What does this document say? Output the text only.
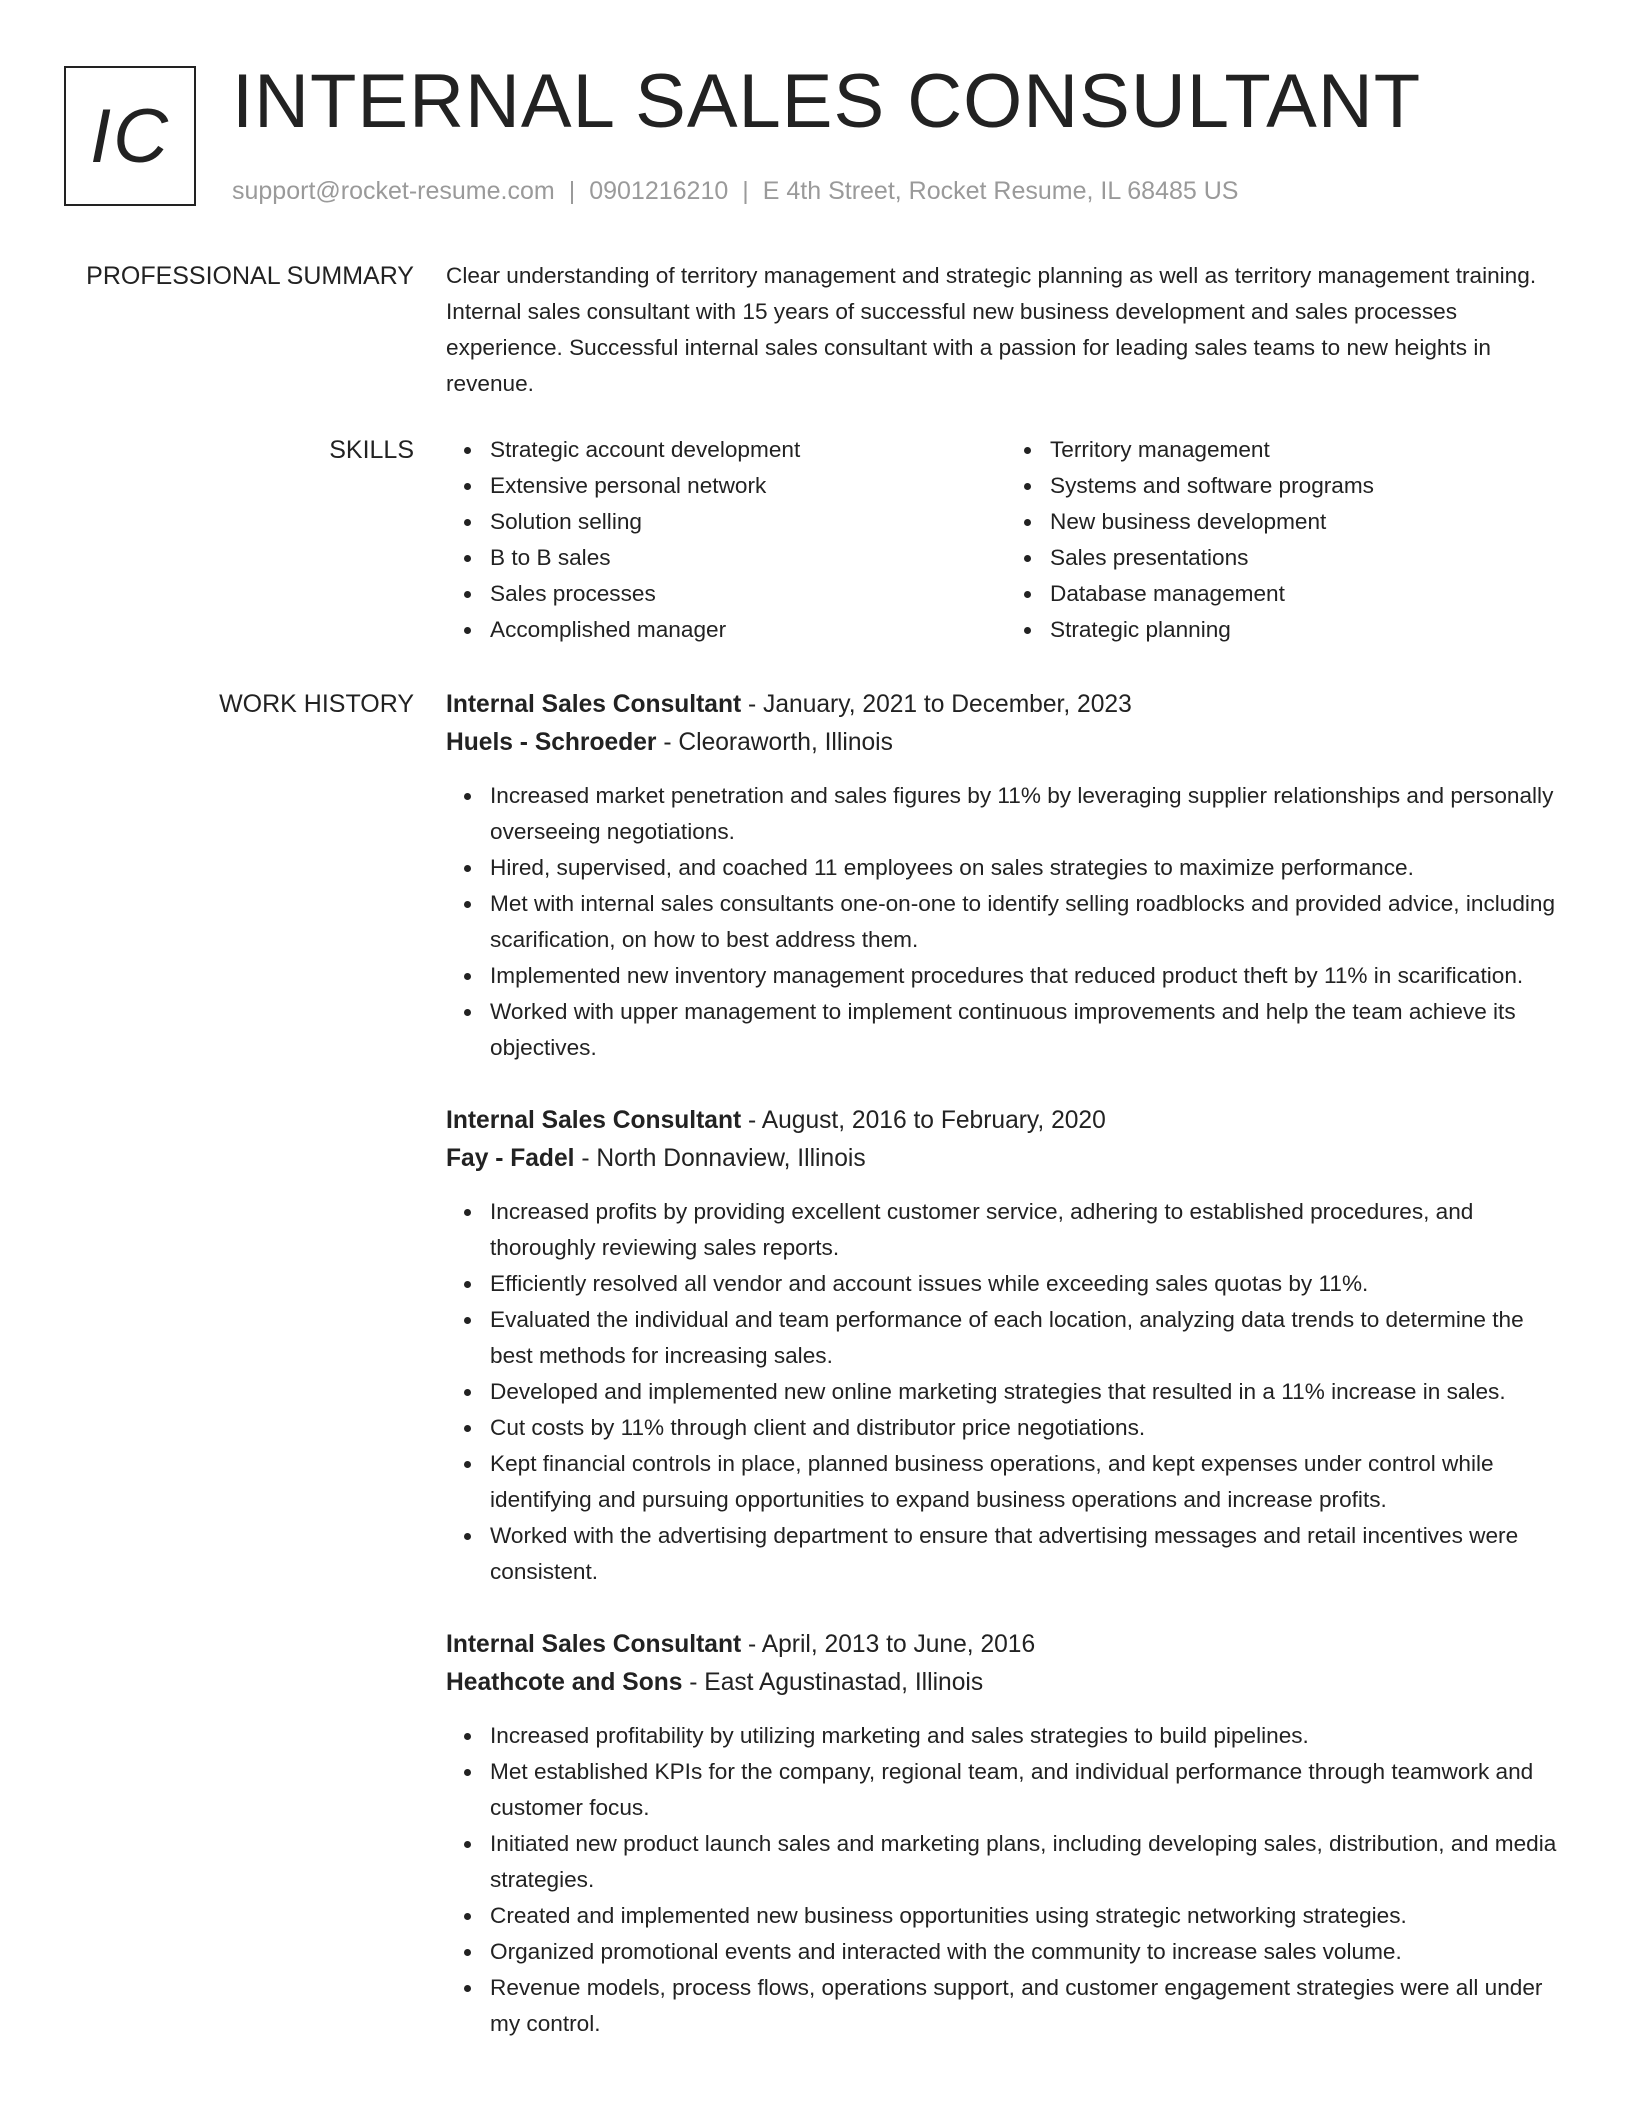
IC INTERNAL SALES CONSULTANT
support@rocket-resume.com | 0901216210 | E 4th Street, Rocket Resume, IL 68485 US
PROFESSIONAL SUMMARY Clear understanding of territory management and strategic planning as well as territory management training. Internal sales consultant with 15 years of successful new business development and sales processes experience. Successful internal sales consultant with a passion for leading sales teams to new heights in revenue.

SKILLS	Strategic account development
Extensive personal network
Solution selling
B to B sales
Sales processes
Accomplished manager
Territory management
Systems and software programs
New business development
Sales presentations
Database management
Strategic planning
WORK HISTORY Internal Sales Consultant - January, 2021 to December, 2023
Huels - Schroeder - Cleoraworth, Illinois
Increased market penetration and sales figures by 11% by leveraging supplier relationships and personally overseeing negotiations.
Hired, supervised, and coached 11 employees on sales strategies to maximize performance.
Met with internal sales consultants one-on-one to identify selling roadblocks and provided advice, including scarification, on how to best address them.
Implemented new inventory management procedures that reduced product theft by 11% in scarification.
Worked with upper management to implement continuous improvements and help the team achieve its objectives.
Internal Sales Consultant - August, 2016 to February, 2020
Fay - Fadel - North Donnaview, Illinois
Increased profits by providing excellent customer service, adhering to established procedures, and thoroughly reviewing sales reports.
Efficiently resolved all vendor and account issues while exceeding sales quotas by 11%.
Evaluated the individual and team performance of each location, analyzing data trends to determine the best methods for increasing sales.
Developed and implemented new online marketing strategies that resulted in a 11% increase in sales.
Cut costs by 11% through client and distributor price negotiations.
Kept financial controls in place, planned business operations, and kept expenses under control while identifying and pursuing opportunities to expand business operations and increase profits.
Worked with the advertising department to ensure that advertising messages and retail incentives were consistent.
Internal Sales Consultant - April, 2013 to June, 2016
Heathcote and Sons - East Agustinastad, Illinois
Increased profitability by utilizing marketing and sales strategies to build pipelines.
Met established KPIs for the company, regional team, and individual performance through teamwork and customer focus.
Initiated new product launch sales and marketing plans, including developing sales, distribution, and media strategies.
Created and implemented new business opportunities using strategic networking strategies.
Organized promotional events and interacted with the community to increase sales volume.
Revenue models, process flows, operations support, and customer engagement strategies were all under my control.
